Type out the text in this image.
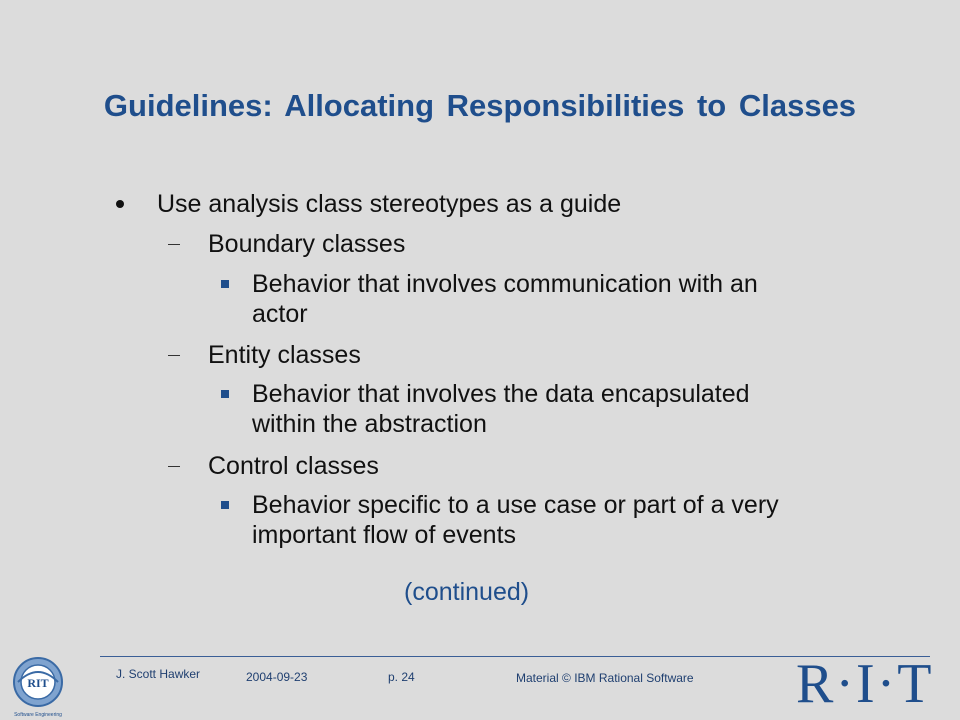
Guidelines: Allocating Responsibilities to Classes
Use analysis class stereotypes as a guide
Boundary classes
Behavior that involves communication with an
actor
Entity classes
Behavior that involves the data encapsulated
within the abstraction
Control classes
Behavior specific to a use case or part of a very
important flow of events
(continued)
RIT
Software Engineering
J. Scott Hawker	2004-09-23	p. 24	Material © IBM Rational Software R·I·T
